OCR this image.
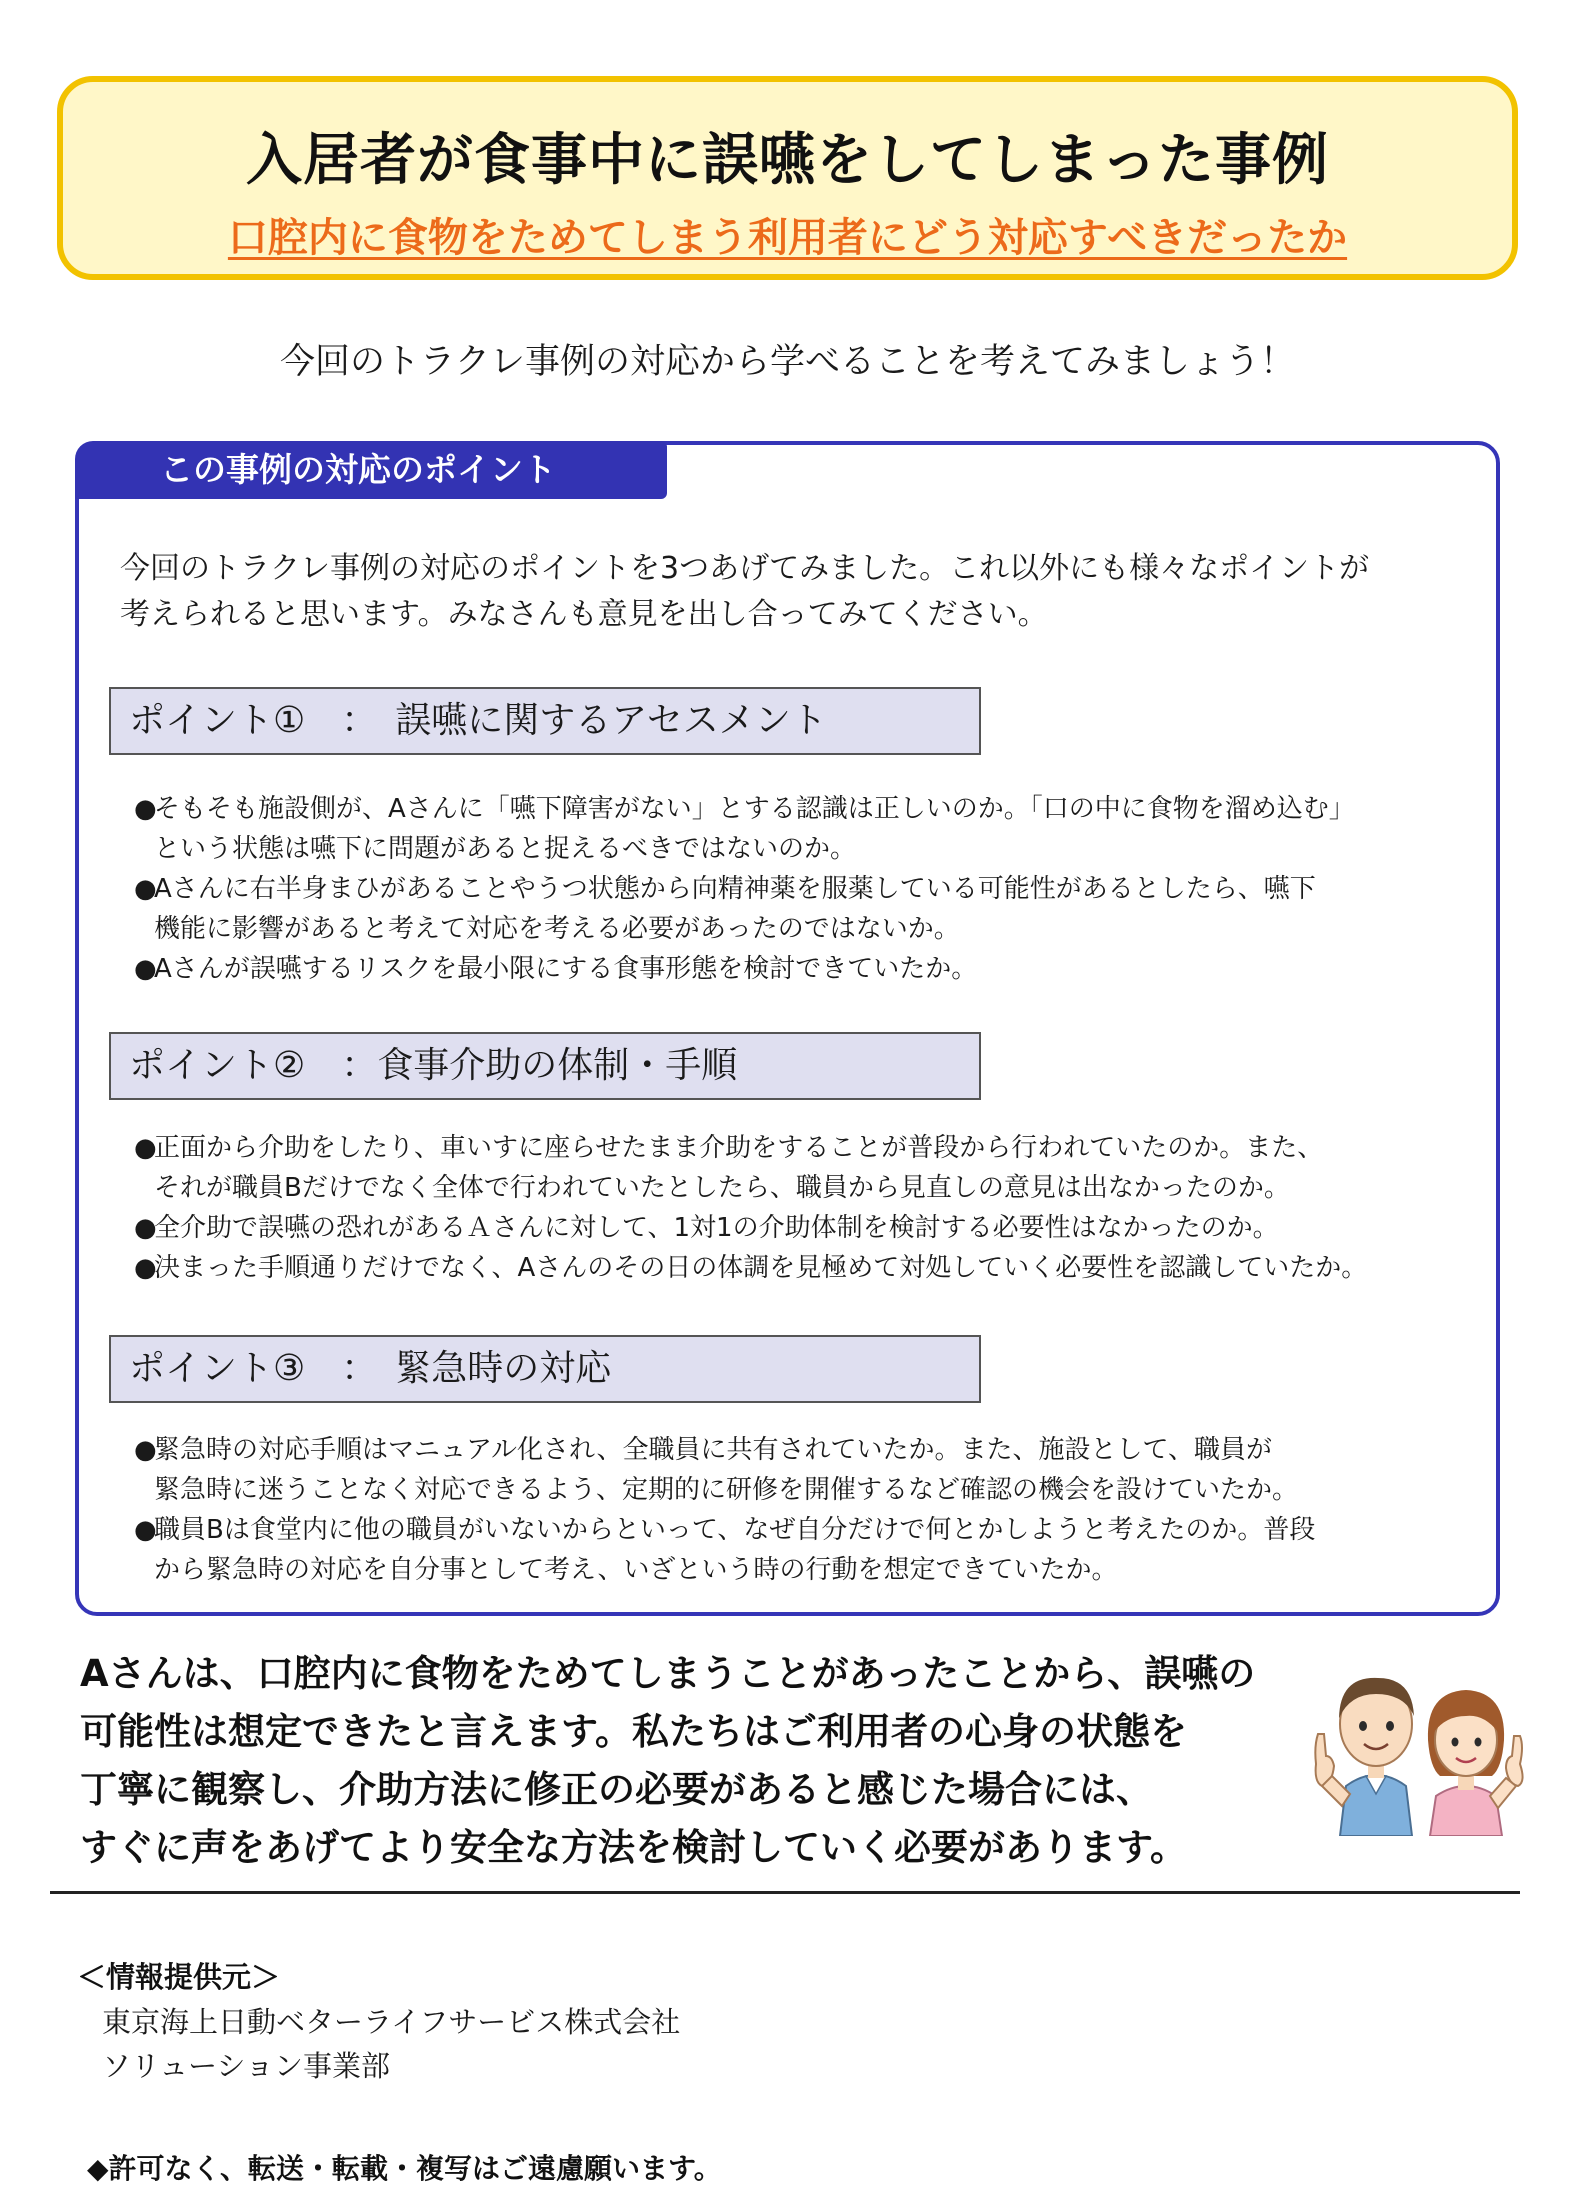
入居者が食事中に誤嚥をしてしまった事例
口腔内に食物をためてしまう利用者にどう対応すべきだったか
今回のトラクレ事例の対応から学べることを考えてみましょう！
この事例の対応のポイント
今回のトラクレ事例の対応のポイントを3つあげてみました。これ以外にも様々なポイントが
考えられると思います。みなさんも意見を出し合ってみてください。
ポイント①　：　誤嚥に関するアセスメント
●そもそも施設側が、Aさんに「嚥下障害がない」とする認識は正しいのか。「口の中に食物を溜め込む」
という状態は嚥下に問題があると捉えるべきではないのか。
●Aさんに右半身まひがあることやうつ状態から向精神薬を服薬している可能性があるとしたら、嚥下
機能に影響があると考えて対応を考える必要があったのではないか。
●Aさんが誤嚥するリスクを最小限にする食事形態を検討できていたか。
ポイント②　：食事介助の体制・手順
●正面から介助をしたり、車いすに座らせたまま介助をすることが普段から行われていたのか。また、
それが職員Bだけでなく全体で行われていたとしたら、職員から見直しの意見は出なかったのか。
●全介助で誤嚥の恐れがあるＡさんに対して、1対1の介助体制を検討する必要性はなかったのか。
●決まった手順通りだけでなく、Aさんのその日の体調を見極めて対処していく必要性を認識していたか。
ポイント③　：　緊急時の対応
●緊急時の対応手順はマニュアル化され、全職員に共有されていたか。また、施設として、職員が
緊急時に迷うことなく対応できるよう、定期的に研修を開催するなど確認の機会を設けていたか。
●職員Bは食堂内に他の職員がいないからといって、なぜ自分だけで何とかしようと考えたのか。普段
から緊急時の対応を自分事として考え、いざという時の行動を想定できていたか。
Aさんは、口腔内に食物をためてしまうことがあったことから、誤嚥の
可能性は想定できたと言えます。私たちはご利用者の心身の状態を
丁寧に観察し、介助方法に修正の必要があると感じた場合には、
すぐに声をあげてより安全な方法を検討していく必要があります。
＜情報提供元＞
東京海上日動ベターライフサービス株式会社
ソリューション事業部
◆許可なく、転送・転載・複写はご遠慮願います。
